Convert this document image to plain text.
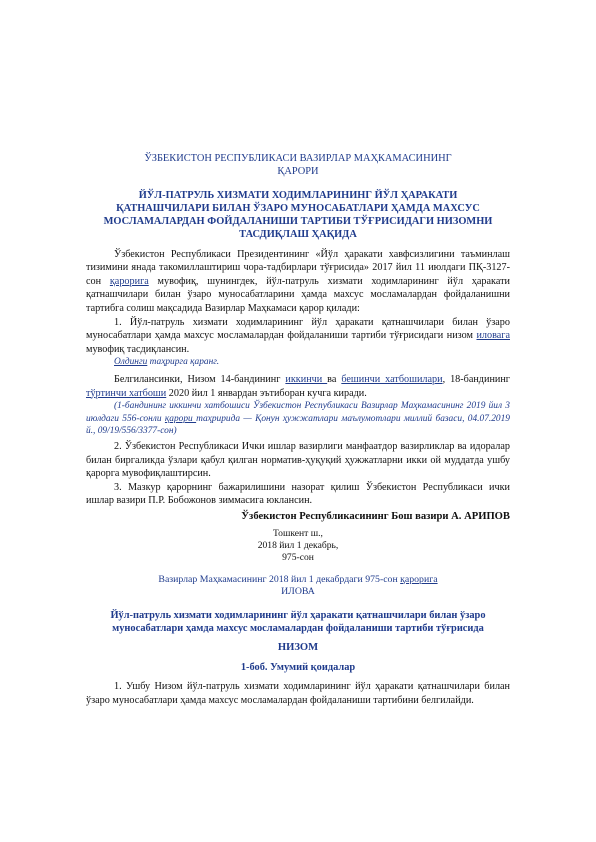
ЎЗБЕКИСТОН РЕСПУБЛИКАСИ ВАЗИРЛАР МАҲКАМАСИНИНГ
ҚАРОРИ
ЙЎЛ-ПАТРУЛЬ ХИЗМАТИ ХОДИМЛАРИНИНГ ЙЎЛ ҲАРАКАТИ
ҚАТНАШЧИЛАРИ БИЛАН ЎЗАРО МУНОСАБАТЛАРИ ҲАМДА МАХСУС
МОСЛАМАЛАРДАН ФОЙДАЛАНИШИ ТАРТИБИ ТЎҒРИСИДАГИ НИЗОМНИ
ТАСДИҚЛАШ ҲАҚИДА

Ўзбекистон Республикаси Президентининг «Йўл ҳаракати хавфсизлигини таъминлаш тизимини янада такомиллаштириш чора-тадбирлари тўғрисида» 2017 йил 11 июлдаги ПҚ-3127-сон қарорига мувофиқ, шунингдек, йўл-патруль хизмати ходимларининг йўл ҳаракати қатнашчилари билан ўзаро муносабатларини ҳамда махсус мосламалардан фойдаланишни тартибга солиш мақсадида Вазирлар Маҳкамаси қарор қилади:

1. Йўл-патруль хизмати ходимларининг йўл ҳаракати қатнашчилари билан ўзаро муносабатлари ҳамда махсус мосламалардан фойдаланиши тартиби тўғрисидаги низом иловага мувофиқ тасдиқлансин.

Олдинги таҳрирга қаранг.

Белгилансинки, Низом 14-бандининг иккинчи ва бешинчи хатбошилари, 18-бандининг тўртинчи хатбоши 2020 йил 1 январдан эътиборан кучга киради.

(1-бандининг иккинчи хатбошиси Ўзбекистон Республикаси Вазирлар Маҳкамасининг 2019 йил 3 июлдаги 556-сонли қарори таҳририда — Қонун ҳужжатлари маълумотлари миллий базаси, 04.07.2019 й., 09/19/556/3377-сон)

2. Ўзбекистон Республикаси Ички ишлар вазирлиги манфаатдор вазирликлар ва идоралар билан биргаликда ўзлари қабул қилган норматив-ҳуқуқий ҳужжатларни икки ой муддатда ушбу қарорга мувофиқлаштирсин.

3. Мазкур қарорнинг бажарилишини назорат қилиш Ўзбекистон Республикаси ички ишлар вазири П.Р. Бобожонов зиммасига юклансин.

Ўзбекистон Республикасининг Бош вазири А. АРИПОВ
Тошкент ш.,
2018 йил 1 декабрь,
975-сон
Вазирлар Маҳкамасининг 2018 йил 1 декабрдаги 975-сон қарорига
ИЛОВА
Йўл-патруль хизмати ходимларининг йўл ҳаракати қатнашчилари билан ўзаро
муносабатлари ҳамда махсус мосламалардан фойдаланиши тартиби тўғрисида
НИЗОМ
1-боб. Умумий қоидалар

1. Ушбу Низом йўл-патруль хизмати ходимларининг йўл ҳаракати қатнашчилари билан ўзаро муносабатлари ҳамда махсус мосламалардан фойдаланиши тартибини белгилайди.
